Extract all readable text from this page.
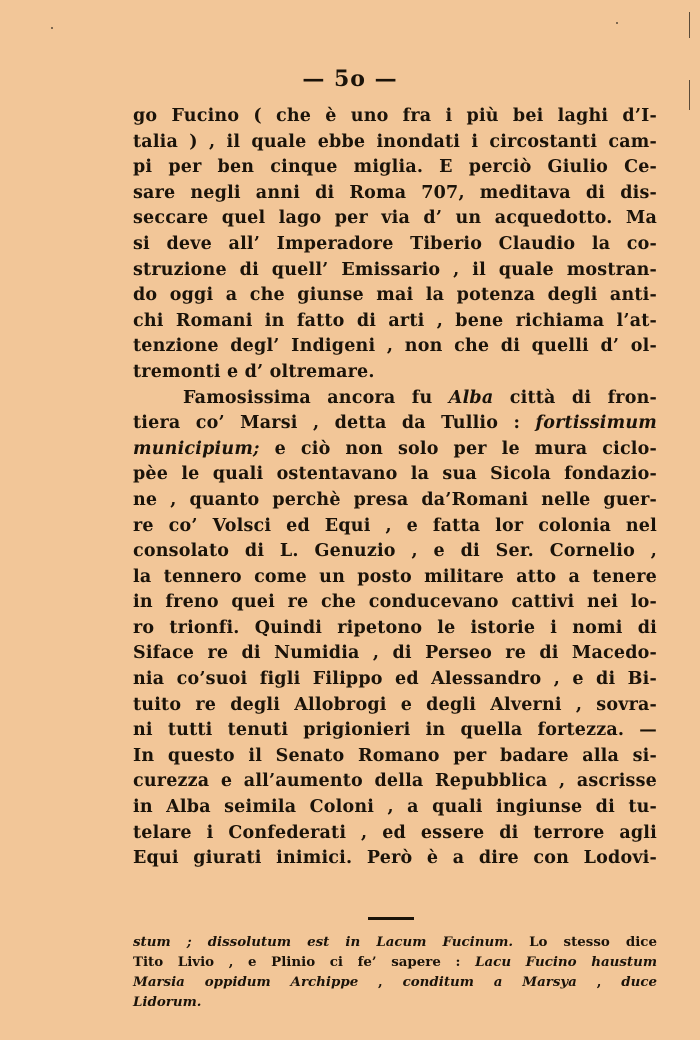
— 5o —
go Fucino ( che è uno fra i più bei laghi d’I-
talia ) , il quale ebbe inondati i circostanti cam-
pi per ben cinque miglia. E perciò Giulio Ce-
sare negli anni di Roma 707, meditava di dis-
seccare quel lago per via d’ un acquedotto. Ma
si deve all’ Imperadore Tiberio Claudio la co-
struzione di quell’ Emissario , il quale mostran-
do oggi a che giunse mai la potenza degli anti-
chi Romani in fatto di arti , bene richiama l’at-
tenzione degl’ Indigeni , non che di quelli d’ ol-
tremonti e d’ oltremare.
Famosissima ancora fu Alba città di fron-
tiera co’ Marsi , detta da Tullio : fortissimum
municipium; e ciò non solo per le mura ciclo-
pèe le quali ostentavano la sua Sicola fondazio-
ne , quanto perchè presa da’Romani nelle guer-
re co’ Volsci ed Equi , e fatta lor colonia nel
consolato di L. Genuzio , e di Ser. Cornelio ,
la tennero come un posto militare atto a tenere
in freno quei re che conducevano cattivi nei lo-
ro trionfi. Quindi ripetono le istorie i nomi di
Siface re di Numidia , di Perseo re di Macedo-
nia co’suoi figli Filippo ed Alessandro , e di Bi-
tuito re degli Allobrogi e degli Alverni , sovra-
ni tutti tenuti prigionieri in quella fortezza. —
In questo il Senato Romano per badare alla si-
curezza e all’aumento della Repubblica , ascrisse
in Alba seimila Coloni , a quali ingiunse di tu-
telare i Confederati , ed essere di terrore agli
Equi giurati inimici. Però è a dire con Lodovi-
stum ; dissolutum est in Lacum Fucinum. Lo stesso dice
Tito Livio , e Plinio ci fe’ sapere : Lacu Fucino haustum
Marsia oppidum Archippe , conditum a Marsya , duce
Lidorum.
